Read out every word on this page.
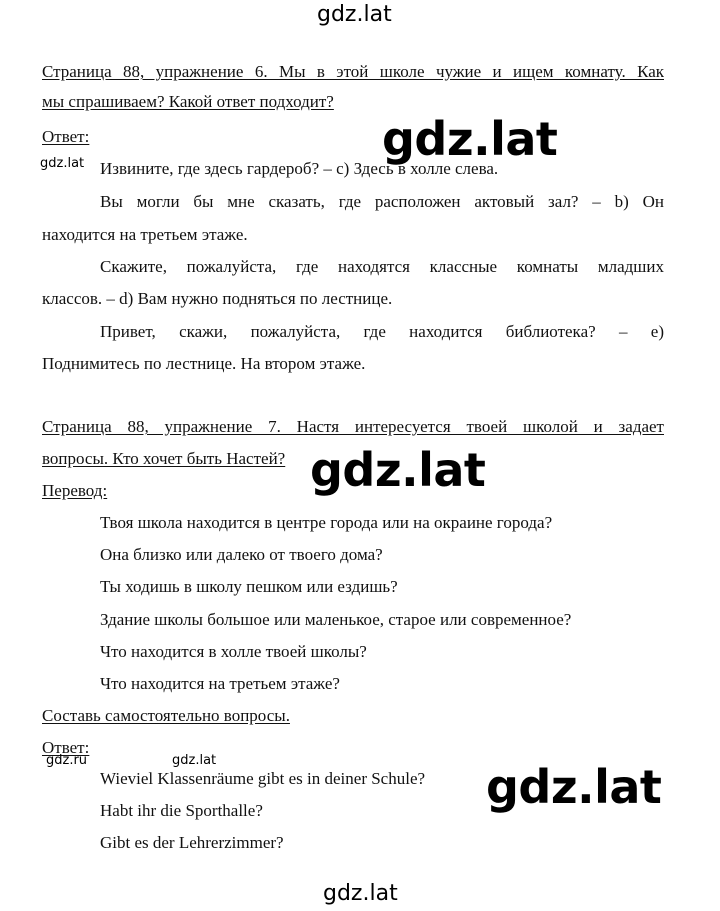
gdz.lat
Страница 88, упражнение 6. Мы в этой школе чужие и ищем комнату. Как
мы спрашиваем? Какой ответ подходит?
Ответ:	gdz.lat
gdz.lat Извините, где здесь гардероб? – c) Здесь в холле слева.
Вы могли бы мне сказать, где расположен актовый зал? – b) Он
находится на третьем этаже.
Скажите, пожалуйста, где находятся классные комнаты младших
классов. – d) Вам нужно подняться по лестнице.
Привет, скажи, пожалуйста, где находится библиотека? – e)
Поднимитесь по лестнице. На втором этаже.
Страница 88, упражнение 7. Настя интересуется твоей школой и задает
вопросы. Кто хочет быть Настей? gdz.lat
Перевод:
Твоя школа находится в центре города или на окраине города?
Она близко или далеко от твоего дома?
Ты ходишь в школу пешком или ездишь?
Здание школы большое или маленькое, старое или современное?
Что находится в холле твоей школы?
Что находится на третьем этаже?
Составь самостоятельно вопросы.
Ответ:
gdz.ru	gdz.lat
Wieviel Klassenräume gibt es in deiner Schule?
Habt ihr die Sporthalle?
Gibt es der Lehrerzimmer?
gdz.lat
gdz.lat
